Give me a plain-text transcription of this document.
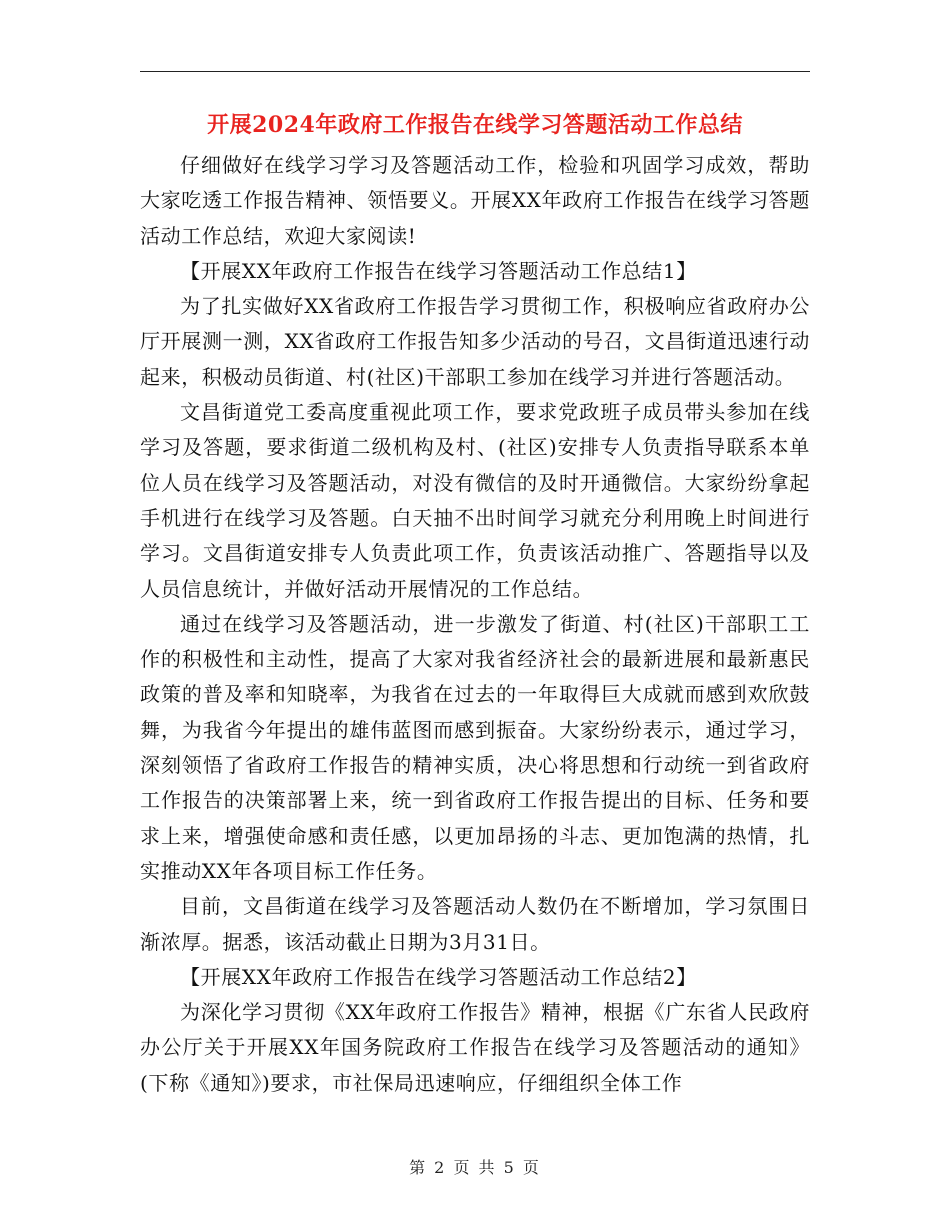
开展2024年政府工作报告在线学习答题活动工作总结

仔细做好在线学习学习及答题活动工作，检验和巩固学习成效，帮助大家吃透工作报告精神、领悟要义。开展XX年政府工作报告在线学习答题活动工作总结，欢迎大家阅读!

【开展XX年政府工作报告在线学习答题活动工作总结1】

为了扎实做好XX省政府工作报告学习贯彻工作，积极响应省政府办公厅开展测一测，XX省政府工作报告知多少活动的号召，文昌街道迅速行动起来，积极动员街道、村(社区)干部职工参加在线学习并进行答题活动。

文昌街道党工委高度重视此项工作，要求党政班子成员带头参加在线学习及答题，要求街道二级机构及村、(社区)安排专人负责指导联系本单位人员在线学习及答题活动，对没有微信的及时开通微信。大家纷纷拿起手机进行在线学习及答题。白天抽不出时间学习就充分利用晚上时间进行学习。文昌街道安排专人负责此项工作，负责该活动推广、答题指导以及人员信息统计，并做好活动开展情况的工作总结。

通过在线学习及答题活动，进一步激发了街道、村(社区)干部职工工作的积极性和主动性，提高了大家对我省经济社会的最新进展和最新惠民政策的普及率和知晓率，为我省在过去的一年取得巨大成就而感到欢欣鼓舞，为我省今年提出的雄伟蓝图而感到振奋。大家纷纷表示，通过学习，深刻领悟了省政府工作报告的精神实质，决心将思想和行动统一到省政府工作报告的决策部署上来，统一到省政府工作报告提出的目标、任务和要求上来，增强使命感和责任感，以更加昂扬的斗志、更加饱满的热情，扎实推动XX年各项目标工作任务。

目前，文昌街道在线学习及答题活动人数仍在不断增加，学习氛围日渐浓厚。据悉，该活动截止日期为3月31日。

【开展XX年政府工作报告在线学习答题活动工作总结2】

为深化学习贯彻《XX年政府工作报告》精神，根据《广东省人民政府办公厅关于开展XX年国务院政府工作报告在线学习及答题活动的通知》(下称《通知》)要求，市社保局迅速响应，仔细组织全体工作

第 2 页 共 5 页
